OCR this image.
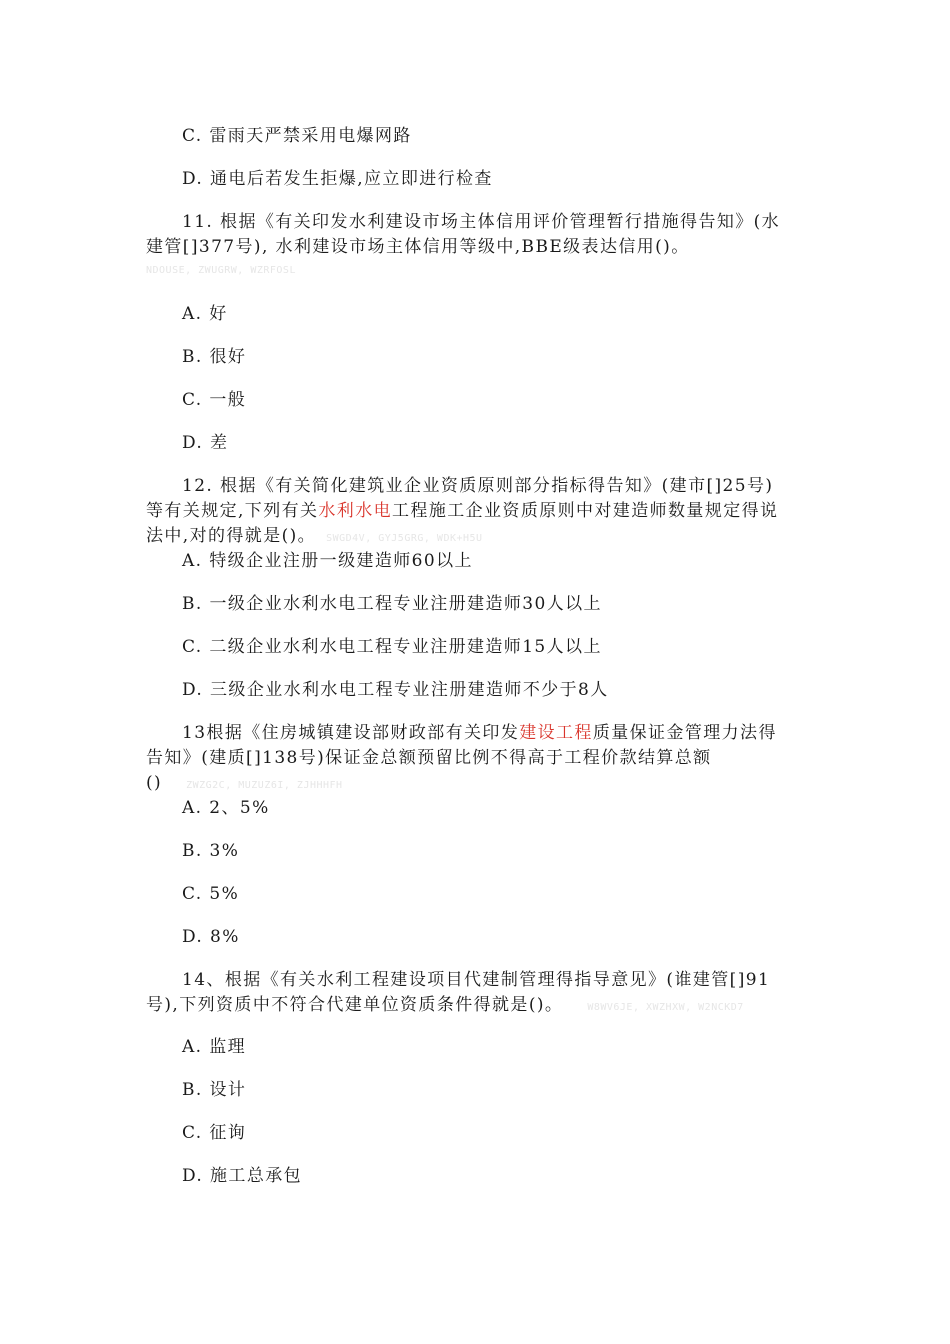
C. 雷雨天严禁采用电爆网路
D. 通电后若发生拒爆,应立即进行检查
11. 根据《有关印发水利建设市场主体信用评价管理暂行措施得告知》(水
建管[]377号), 水利建设市场主体信用等级中,BBE级表达信用()。
NDOUSE, ZWUGRW, WZRFOSL
A. 好
B. 很好
C. 一般
D. 差
12. 根据《有关简化建筑业企业资质原则部分指标得告知》(建市[]25号)
等有关规定,下列有关水利水电工程施工企业资质原则中对建造师数量规定得说
法中,对的得就是()。 SWGD4V, GYJ5GRG, WDK+H5U
A. 特级企业注册一级建造师60以上
B. 一级企业水利水电工程专业注册建造师30人以上
C. 二级企业水利水电工程专业注册建造师15人以上
D. 三级企业水利水电工程专业注册建造师不少于8人
13根据《住房城镇建设部财政部有关印发建设工程质量保证金管理力法得
告知》(建质[]138号)保证金总额预留比例不得高于工程价款结算总额
() ZWZG2C, MUZUZ6I, ZJHHHFH
A. 2、5%
B. 3%
C. 5%
D. 8%
14、根据《有关水利工程建设项目代建制管理得指导意见》(谁建管[]91
号),下列资质中不符合代建单位资质条件得就是()。 W8WV6JE, XWZHXW, W2NCKD7
A. 监理
B. 设计
C. 征询
D. 施工总承包
